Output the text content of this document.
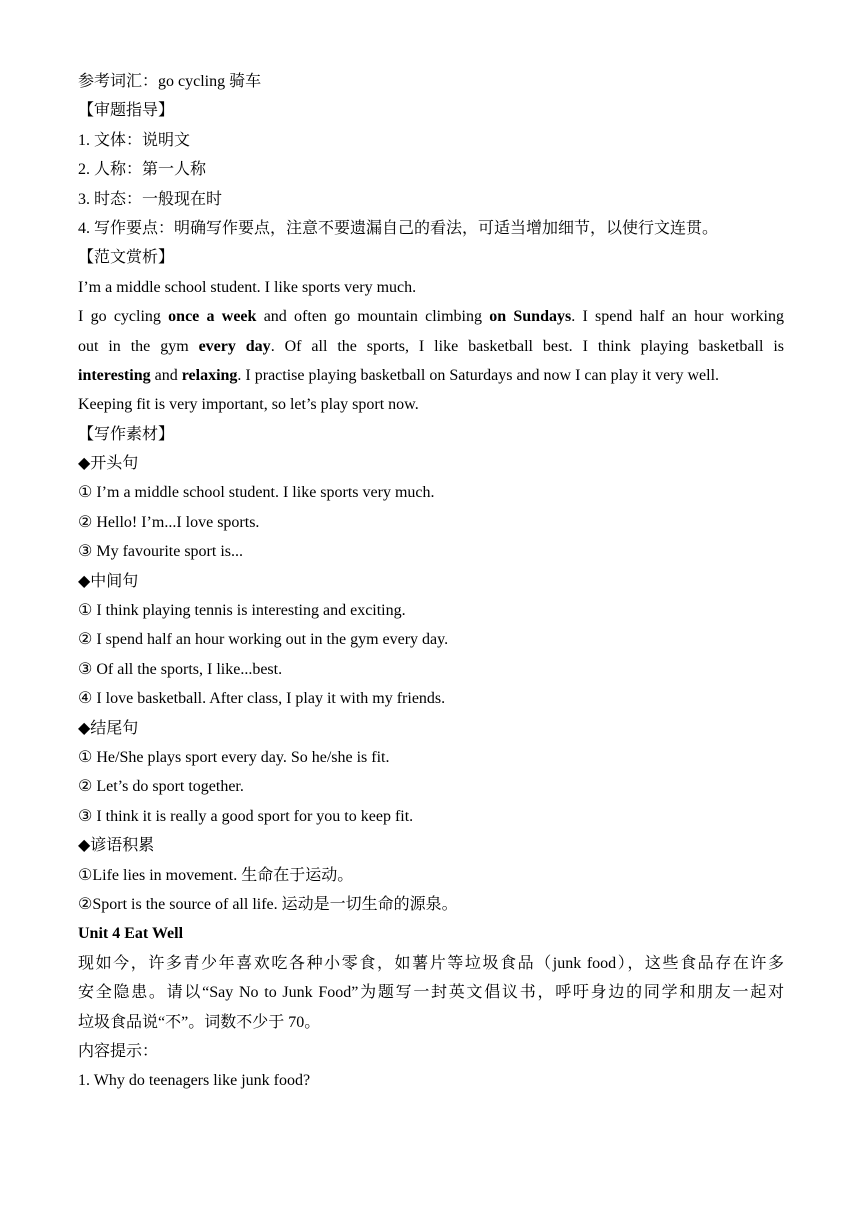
参考词汇：go cycling 骑车
【审题指导】
1. 文体：说明文
2. 人称：第一人称
3. 时态：一般现在时
4. 写作要点：明确写作要点，注意不要遗漏自己的看法，可适当增加细节，以使行文连贯。
【范文赏析】
I’m a middle school student. I like sports very much.
I go cycling once a week and often go mountain climbing on Sundays. I spend half an hour working
out in the gym every day. Of all the sports, I like basketball best. I think playing basketball is
interesting and relaxing. I practise playing basketball on Saturdays and now I can play it very well.
Keeping fit is very important, so let’s play sport now.
【写作素材】
◆开头句
① I’m a middle school student. I like sports very much.
② Hello! I’m...I love sports.
③ My favourite sport is...
◆中间句
① I think playing tennis is interesting and exciting.
② I spend half an hour working out in the gym every day.
③ Of all the sports, I like...best.
④ I love basketball. After class, I play it with my friends.
◆结尾句
① He/She plays sport every day. So he/she is fit.
② Let’s do sport together.
③ I think it is really a good sport for you to keep fit.
◆谚语积累
①Life lies in movement. 生命在于运动。
②Sport is the source of all life. 运动是一切生命的源泉。
Unit 4 Eat Well
现如今，许多青少年喜欢吃各种小零食，如薯片等垃圾食品（junk food），这些食品存在许多
安全隐患。请以“Say No to Junk Food”为题写一封英文倡议书，呼吁身边的同学和朋友一起对
垃圾食品说“不”。词数不少于 70。
内容提示：
1. Why do teenagers like junk food?
